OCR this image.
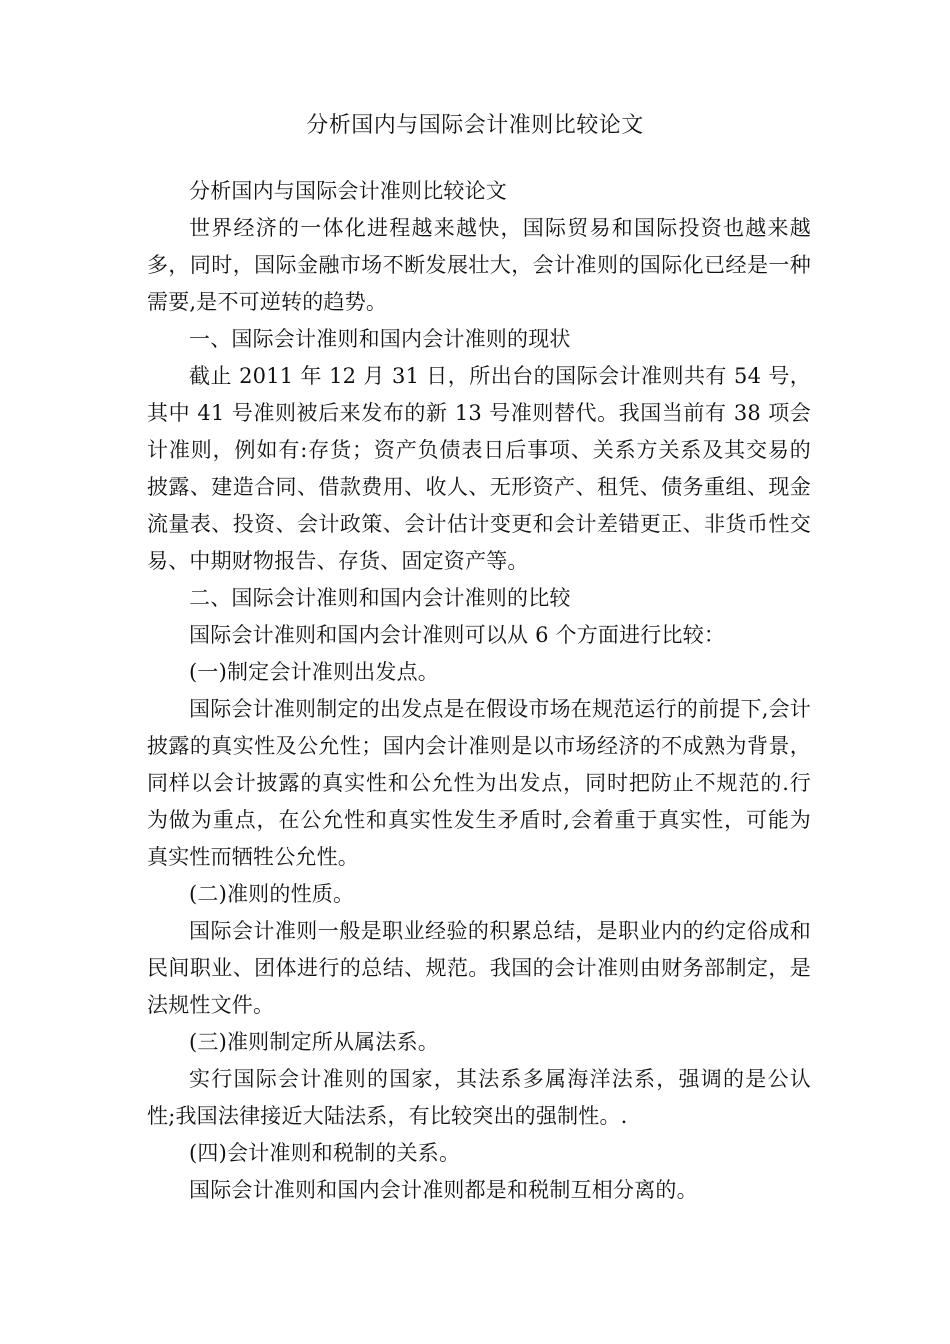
分析国内与国际会计准则比较论文

分析国内与国际会计准则比较论文

世界经济的一体化进程越来越快，国际贸易和国际投资也越来越多，同时，国际金融市场不断发展壮大，会计准则的国际化已经是一种需要,是不可逆转的趋势。

一、国际会计准则和国内会计准则的现状

截止 2011 年 12 月 31 日，所出台的国际会计准则共有 54 号，其中 41 号准则被后来发布的新 13 号准则替代。我国当前有 38 项会计准则，例如有:存货；资产负债表日后事项、关系方关系及其交易的披露、建造合同、借款费用、收人、无形资产、租凭、债务重组、现金流量表、投资、会计政策、会计估计变更和会计差错更正、非货币性交易、中期财物报告、存货、固定资产等。

二、国际会计准则和国内会计准则的比较

国际会计准则和国内会计准则可以从 6 个方面进行比较：

(一)制定会计准则出发点。

国际会计准则制定的出发点是在假设市场在规范运行的前提下,会计披露的真实性及公允性；国内会计准则是以市场经济的不成熟为背景，同样以会计披露的真实性和公允性为出发点，同时把防止不规范的.行为做为重点，在公允性和真实性发生矛盾时,会着重于真实性，可能为真实性而牺牲公允性。

(二)准则的性质。

国际会计准则一般是职业经验的积累总结，是职业内的约定俗成和民间职业、团体进行的总结、规范。我国的会计准则由财务部制定，是法规性文件。

(三)准则制定所从属法系。

实行国际会计准则的国家，其法系多属海洋法系，强调的是公认性;我国法律接近大陆法系，有比较突出的强制性。.

(四)会计准则和税制的关系。

国际会计准则和国内会计准则都是和税制互相分离的。
